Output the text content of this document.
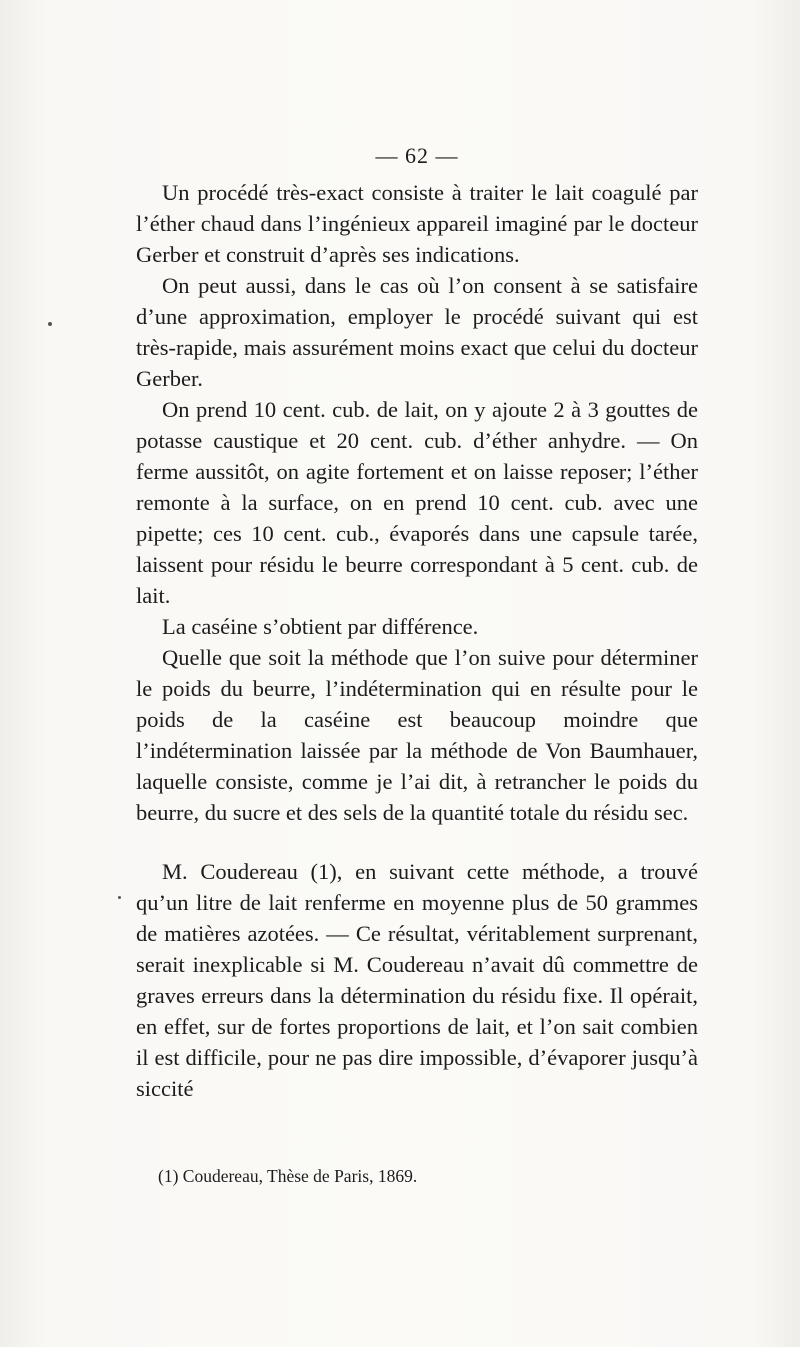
— 62 —

Un procédé très-exact consiste à traiter le lait coagulé par l’éther chaud dans l’ingénieux appareil imaginé par le docteur Gerber et construit d’après ses indications.

On peut aussi, dans le cas où l’on consent à se satisfaire d’une approximation, employer le procédé suivant qui est très-rapide, mais assurément moins exact que celui du docteur Gerber.

On prend 10 cent. cub. de lait, on y ajoute 2 à 3 gouttes de potasse caustique et 20 cent. cub. d’éther anhydre. — On ferme aussitôt, on agite fortement et on laisse reposer; l’éther remonte à la surface, on en prend 10 cent. cub. avec une pipette; ces 10 cent. cub., évaporés dans une capsule tarée, laissent pour résidu le beurre correspondant à 5 cent. cub. de lait.

La caséine s’obtient par différence.

Quelle que soit la méthode que l’on suive pour déterminer le poids du beurre, l’indétermination qui en résulte pour le poids de la caséine est beaucoup moindre que l’indétermination laissée par la méthode de Von Baumhauer, laquelle consiste, comme je l’ai dit, à retrancher le poids du beurre, du sucre et des sels de la quantité totale du résidu sec.

M. Coudereau (1), en suivant cette méthode, a trouvé qu’un litre de lait renferme en moyenne plus de 50 grammes de matières azotées. — Ce résultat, véritablement surprenant, serait inexplicable si M. Coudereau n’avait dû commettre de graves erreurs dans la détermination du résidu fixe. Il opérait, en effet, sur de fortes proportions de lait, et l’on sait combien il est difficile, pour ne pas dire impossible, d’évaporer jusqu’à siccité

(1) Coudereau, Thèse de Paris, 1869.
